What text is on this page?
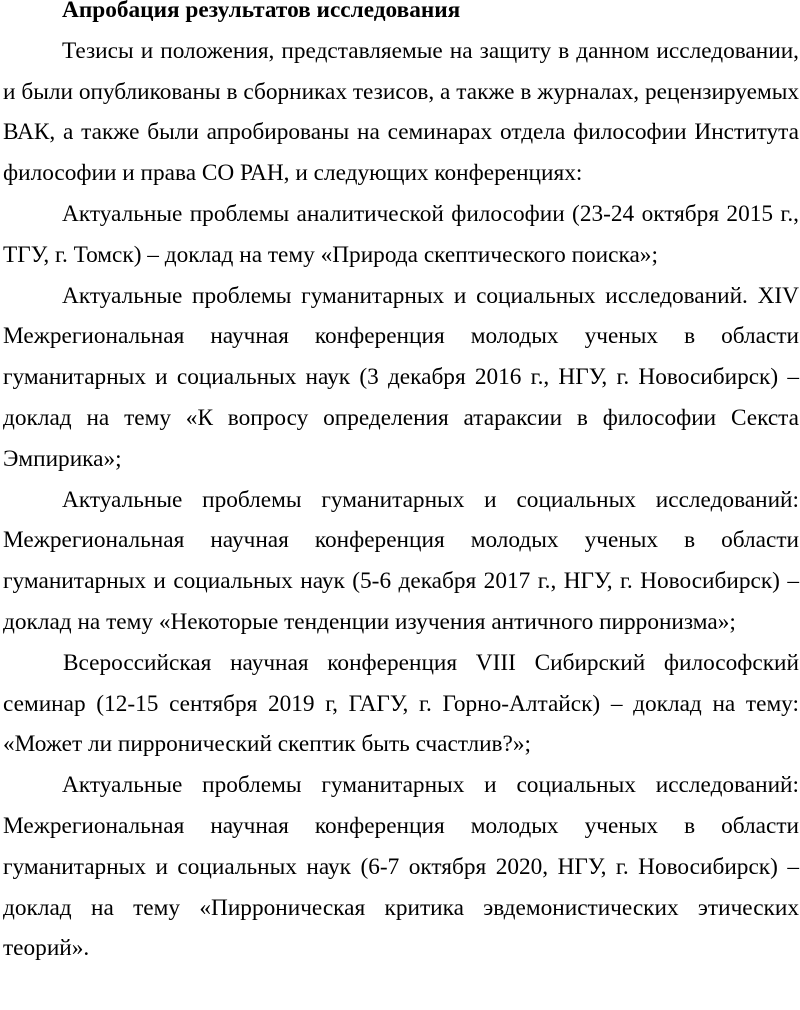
Апробация результатов исследования

Тезисы и положения, представляемые на защиту в данном исследовании, и были опубликованы в сборниках тезисов, а также в журналах, рецензируемых ВАК, а также были апробированы на семинарах отдела философии Института философии и права СО РАН, и следующих конференциях:

Актуальные проблемы аналитической философии (23-24 октября 2015 г., ТГУ, г. Томск) – доклад на тему «Природа скептического поиска»;

Актуальные проблемы гуманитарных и социальных исследований. XIV Межрегиональная научная конференция молодых ученых в области гуманитарных и социальных наук (3 декабря 2016 г., НГУ, г. Новосибирск) – доклад на тему «К вопросу определения атараксии в философии Секста Эмпирика»;

Актуальные проблемы гуманитарных и социальных исследований: Межрегиональная научная конференция молодых ученых в области гуманитарных и социальных наук (5-6 декабря 2017 г., НГУ, г. Новосибирск) – доклад на тему «Некоторые тенденции изучения античного пирронизма»;

Всероссийская научная конференция VIII Сибирский философский семинар (12-15 сентября 2019 г, ГАГУ, г. Горно-Алтайск) – доклад на тему: «Может ли пирронический скептик быть счастлив?»;

Актуальные проблемы гуманитарных и социальных исследований: Межрегиональная научная конференция молодых ученых в области гуманитарных и социальных наук (6-7 октября 2020, НГУ, г. Новосибирск) – доклад на тему «Пирроническая критика эвдемонистических этических теорий».
